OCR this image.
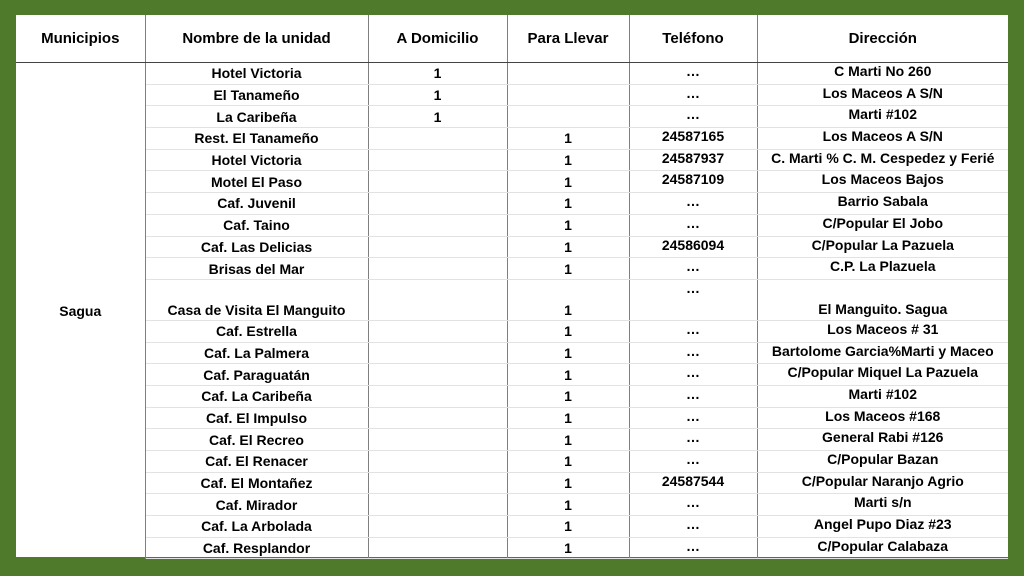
Municipios	Nombre de la unidad	A Domicilio	Para Llevar	Teléfono	Dirección
Sagua	Hotel Victoria	1		…	C Marti No 260
	El Tanameño	1		…	Los Maceos A S/N
	La Caribeña	1		…	Marti #102
	Rest. El Tanameño		1	24587165	Los Maceos A S/N
	Hotel Victoria		1	24587937	C. Marti % C. M. Cespedez y Ferié
	Motel El Paso		1	24587109	Los Maceos Bajos
	Caf. Juvenil		1	…	Barrio Sabala
	Caf. Taino		1	…	C/Popular El Jobo
	Caf. Las Delicias		1	24586094	C/Popular La Pazuela
	Brisas del Mar		1	…	C.P. La Plazuela
	Casa de Visita El Manguito		1	…	El Manguito. Sagua
	Caf. Estrella		1	…	Los Maceos # 31
	Caf. La Palmera		1	…	Bartolome Garcia%Marti y Maceo
	Caf. Paraguatán		1	…	C/Popular Miquel La Pazuela
	Caf. La Caribeña		1	…	Marti #102
	Caf. El Impulso		1	…	Los Maceos #168
	Caf. El Recreo		1	…	General Rabi #126
	Caf. El Renacer		1	…	C/Popular Bazan
	Caf. El Montañez		1	24587544	C/Popular Naranjo Agrio
	Caf. Mirador		1	…	Marti s/n
	Caf. La Arbolada		1	…	Angel Pupo Diaz #23
	Caf. Resplandor		1	…	C/Popular Calabaza
